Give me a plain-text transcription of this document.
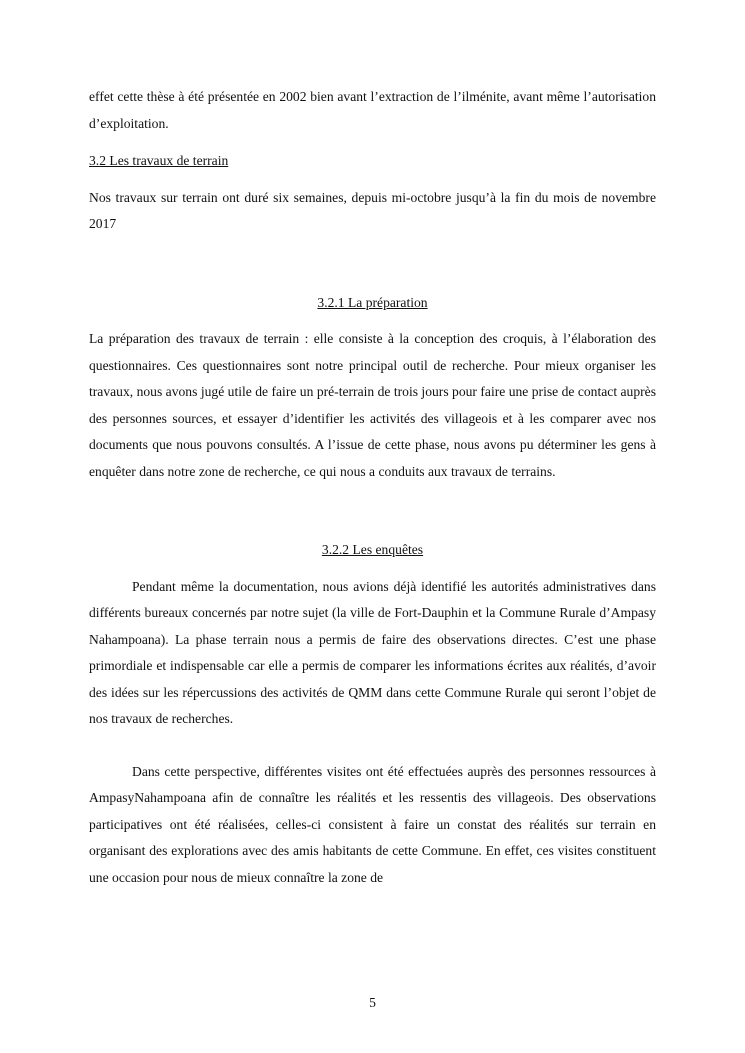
effet cette thèse à été présentée en 2002 bien avant l’extraction de l’ilménite, avant même l’autorisation d’exploitation.

3.2 Les travaux de terrain

Nos travaux sur terrain ont duré six semaines, depuis mi-octobre jusqu’à la fin du mois de novembre 2017

3.2.1 La préparation

La préparation des travaux de terrain : elle consiste à la conception des croquis, à l’élaboration des questionnaires. Ces questionnaires sont notre principal outil de recherche. Pour mieux organiser les travaux, nous avons jugé utile de faire un pré-terrain de trois jours pour faire une prise de contact auprès des personnes sources, et essayer d’identifier les activités des villageois et à les comparer avec nos documents que nous pouvons consultés. A l’issue de cette phase, nous avons pu déterminer les gens à enquêter dans notre zone de recherche, ce qui nous a conduits aux travaux de terrains.

3.2.2 Les enquêtes

Pendant même la documentation, nous avions déjà identifié les autorités administratives dans différents bureaux concernés par notre sujet (la ville de Fort-Dauphin et la Commune Rurale d’Ampasy Nahampoana). La phase terrain nous a permis de faire des observations directes. C’est une phase primordiale et indispensable car elle a permis de comparer les informations écrites aux réalités, d’avoir des idées sur les répercussions des activités de QMM dans cette Commune Rurale qui seront l’objet de nos travaux de recherches.

Dans cette perspective, différentes visites ont été effectuées auprès des personnes ressources à AmpasyNahampoana afin de connaître les réalités et les ressentis des villageois. Des observations participatives ont été réalisées, celles-ci consistent à faire un constat des réalités sur terrain en organisant des explorations avec des amis habitants de cette Commune. En effet, ces visites constituent une occasion pour nous de mieux connaître la zone de

5
